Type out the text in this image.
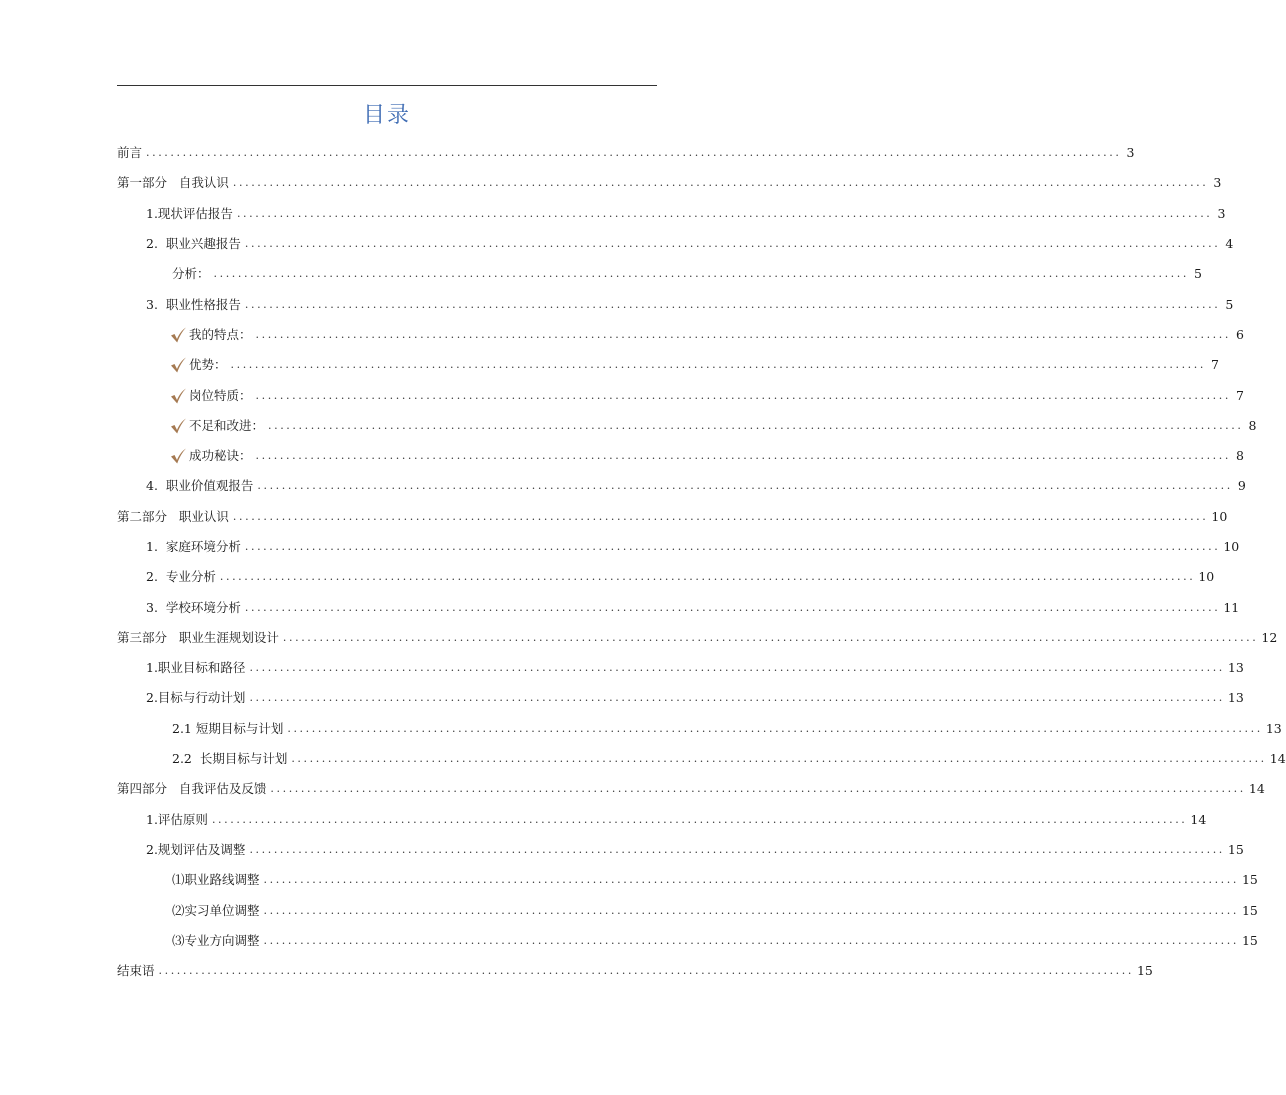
目录
前言 ................................................................................................................................................................ 3
第一部分   自我认识 ................................................................................................................................................................ 3
1.现状评估报告 ................................................................................................................................................................ 3
2.  职业兴趣报告 ................................................................................................................................................................ 4
分析： ................................................................................................................................................................ 5
3.  职业性格报告 ................................................................................................................................................................ 5
我的特点： ................................................................................................................................................................ 6
优势： ................................................................................................................................................................ 7
岗位特质： ................................................................................................................................................................ 7
不足和改进： ................................................................................................................................................................ 8
成功秘诀： ................................................................................................................................................................ 8
4.  职业价值观报告 ................................................................................................................................................................ 9
第二部分   职业认识 ................................................................................................................................................................ 10
1.  家庭环境分析 ................................................................................................................................................................ 10
2.  专业分析 ................................................................................................................................................................ 10
3.  学校环境分析 ................................................................................................................................................................ 11
第三部分   职业生涯规划设计 ................................................................................................................................................................ 12
1.职业目标和路径 ................................................................................................................................................................ 13
2.目标与行动计划 ................................................................................................................................................................ 13
2.1 短期目标与计划 ................................................................................................................................................................ 13
2.2  长期目标与计划 ................................................................................................................................................................ 14
第四部分   自我评估及反馈 ................................................................................................................................................................ 14
1.评估原则 ................................................................................................................................................................ 14
2.规划评估及调整 ................................................................................................................................................................ 15
⑴职业路线调整 ................................................................................................................................................................ 15
⑵实习单位调整 ................................................................................................................................................................ 15
⑶专业方向调整 ................................................................................................................................................................ 15
结束语 ................................................................................................................................................................ 15
